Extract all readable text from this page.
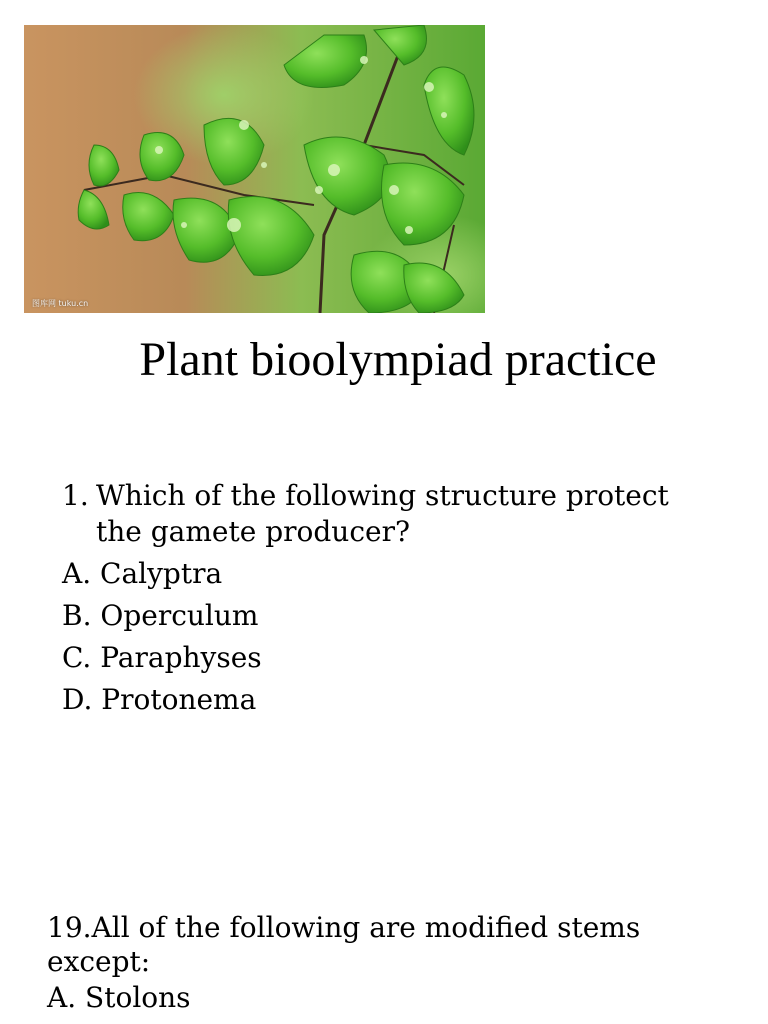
图库网 tuku.cn
Plant bioolympiad practice
1. Which of the following structure protect the gamete producer?
A. Calyptra
B. Operculum
C. Paraphyses
D. Protonema
19.All of the following are modified stems except:
A. Stolons
